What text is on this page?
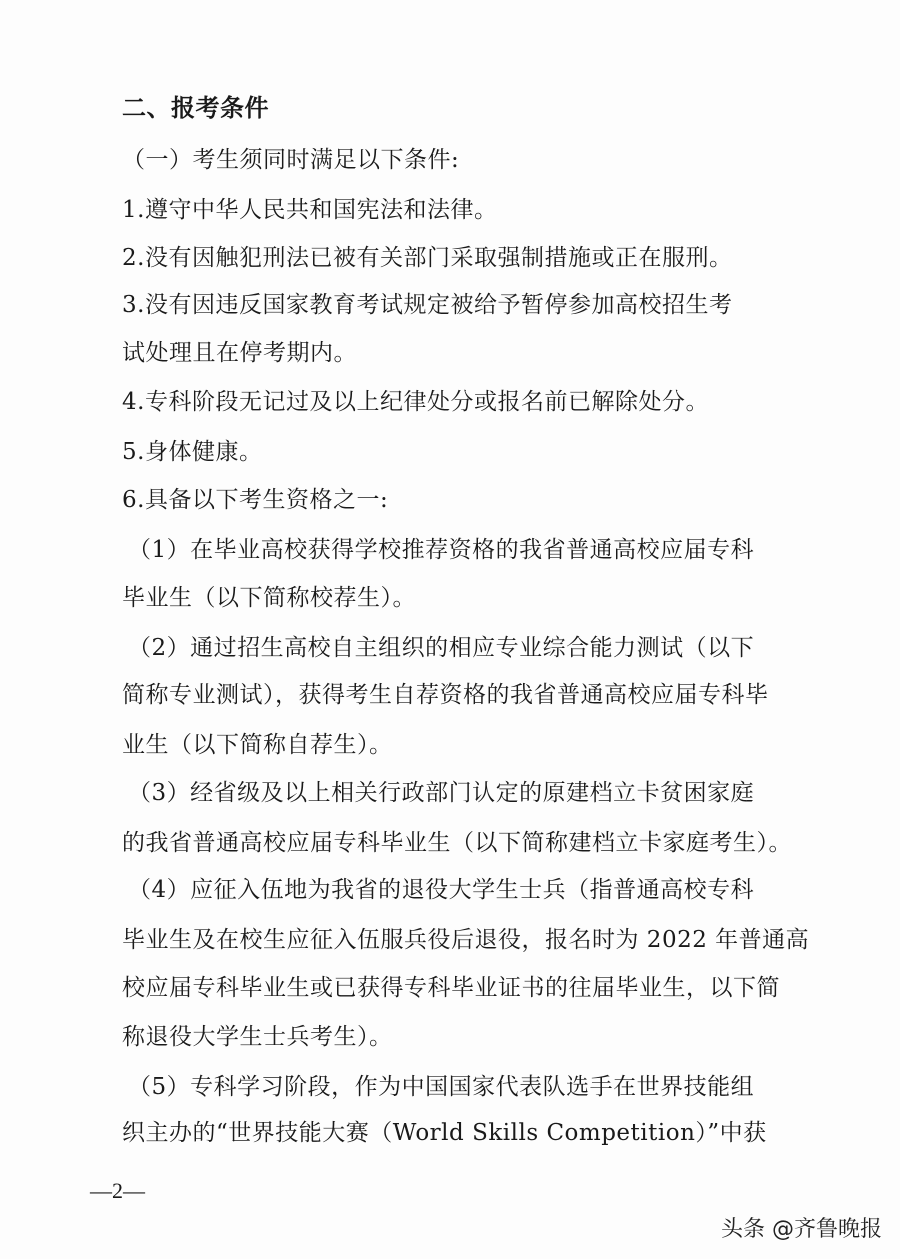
二、报考条件
（一）考生须同时满足以下条件:
1.遵守中华人民共和国宪法和法律。
2.没有因触犯刑法已被有关部门采取强制措施或正在服刑。
3.没有因违反国家教育考试规定被给予暂停参加高校招生考
试处理且在停考期内。
4.专科阶段无记过及以上纪律处分或报名前已解除处分。
5.身体健康。
6.具备以下考生资格之一:
（1）在毕业高校获得学校推荐资格的我省普通高校应届专科
毕业生（以下简称校荐生）。
（2）通过招生高校自主组织的相应专业综合能力测试（以下
简称专业测试），获得考生自荐资格的我省普通高校应届专科毕
业生（以下简称自荐生）。
（3）经省级及以上相关行政部门认定的原建档立卡贫困家庭
的我省普通高校应届专科毕业生（以下简称建档立卡家庭考生）。
（4）应征入伍地为我省的退役大学生士兵（指普通高校专科
毕业生及在校生应征入伍服兵役后退役，报名时为 2022 年普通高
校应届专科毕业生或已获得专科毕业证书的往届毕业生，以下简
称退役大学生士兵考生）。
（5）专科学习阶段，作为中国国家代表队选手在世界技能组
织主办的“世界技能大赛（World Skills Competition）”中获
—2—
头条 @齐鲁晚报
